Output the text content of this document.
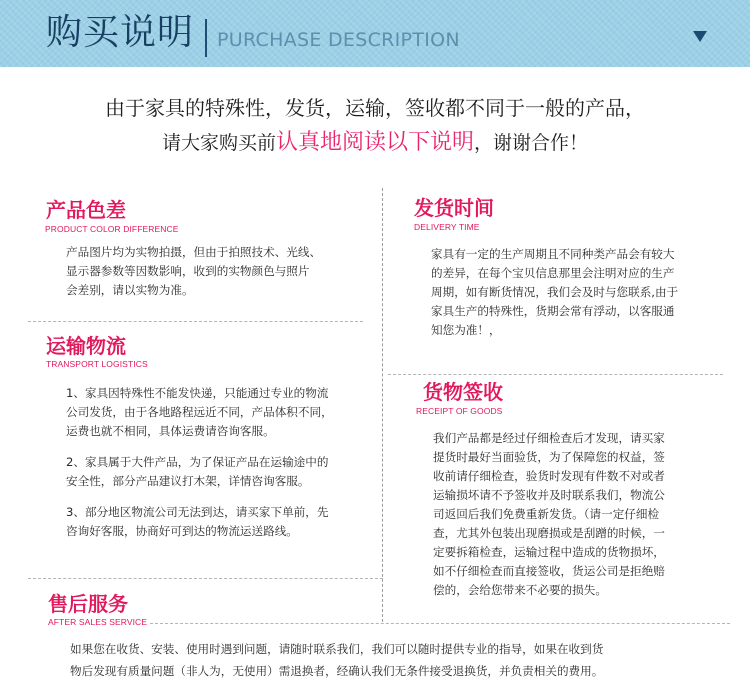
购买说明 PURCHASE DESCRIPTION
由于家具的特殊性，发货，运输，签收都不同于一般的产品，
请大家购买前认真地阅读以下说明，谢谢合作！
产品色差
PRODUCT COLOR DIFFERENCE

产品图片均为实物拍摄，但由于拍照技术、光线、

显示器参数等因数影响，收到的实物颜色与照片

会差别，请以实物为准。

发货时间
DELIVERY TIME

家具有一定的生产周期且不同种类产品会有较大

的差异，在每个宝贝信息那里会注明对应的生产

周期，如有断货情况，我们会及时与您联系,由于

家具生产的特殊性，货期会常有浮动，以客服通

知您为准！，

运输物流
TRANSPORT LOGISTICS

1、家具因特殊性不能发快递，只能通过专业的物流

公司发货，由于各地路程远近不同，产品体积不同，

运费也就不相同，具体运费请咨询客服。

2、家具属于大件产品，为了保证产品在运输途中的

安全性，部分产品建议打木架，详情咨询客服。

3、部分地区物流公司无法到达，请买家下单前，先

咨询好客服，协商好可到达的物流运送路线。

货物签收
RECEIPT OF GOODS

我们产品都是经过仔细检查后才发现，请买家

提货时最好当面验货，为了保障您的权益，签

收前请仔细检查，验货时发现有件数不对或者

运输损坏请不予签收并及时联系我们，物流公

司返回后我们免费重新发货。（请一定仔细检

查，尤其外包装出现磨损或是刮蹭的时候，一

定要拆箱检查，运输过程中造成的货物损坏，

如不仔细检查而直接签收，货运公司是拒绝赔

偿的，会给您带来不必要的损失。

售后服务
AFTER SALES SERVICE

如果您在收货、安装、使用时遇到问题，请随时联系我们，我们可以随时提供专业的指导，如果在收到货

物后发现有质量问题（非人为，无使用）需退换者，经确认我们无条件接受退换货，并负责相关的费用。
